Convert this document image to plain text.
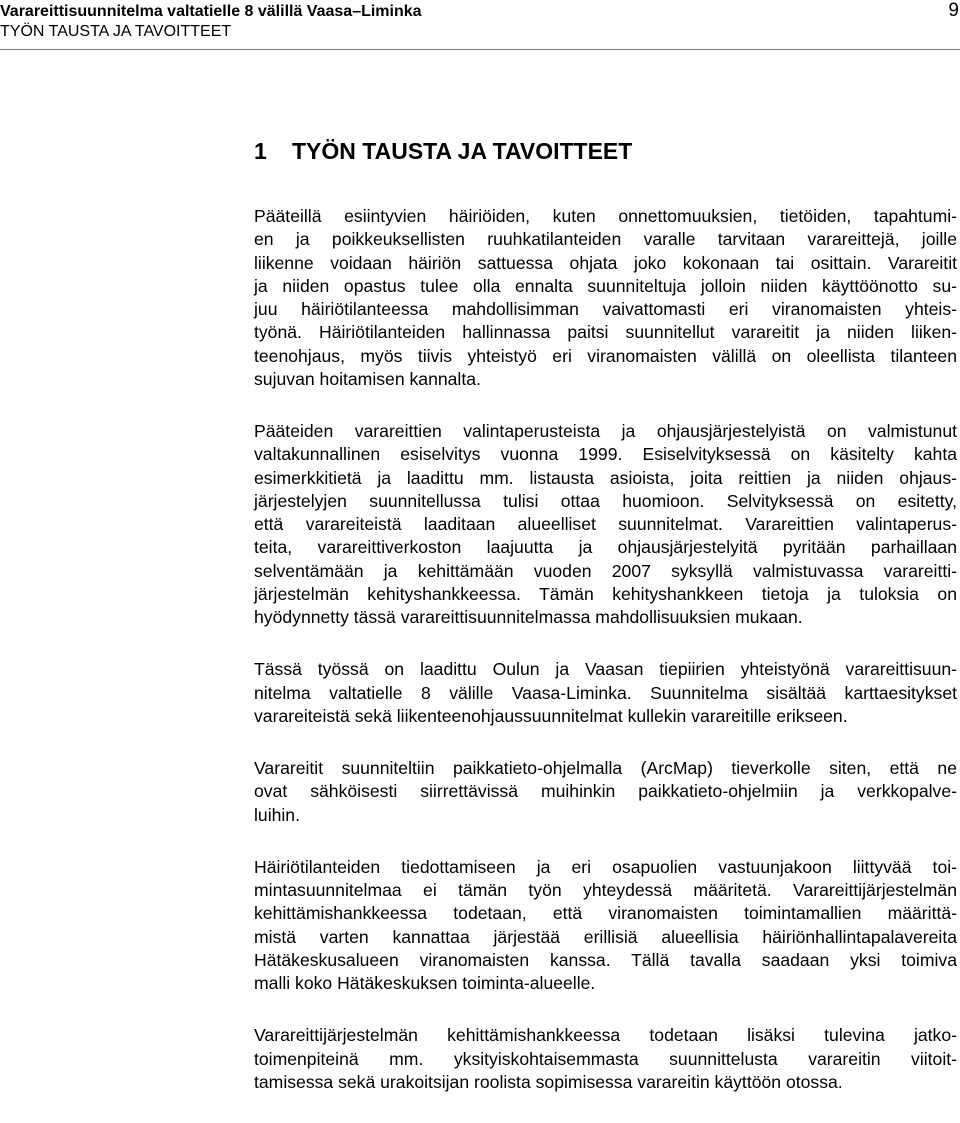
Varareittisuunnitelma valtatielle 8 välillä Vaasa–Liminka
TYÖN TAUSTA JA TAVOITTEET
9
1 TYÖN TAUSTA JA TAVOITTEET
Pääteillä esiintyvien häiriöiden, kuten onnettomuuksien, tietöiden, tapahtumi-
en ja poikkeuksellisten ruuhkatilanteiden varalle tarvitaan varareittejä, joille
liikenne voidaan häiriön sattuessa ohjata joko kokonaan tai osittain. Varareitit
ja niiden opastus tulee olla ennalta suunniteltuja jolloin niiden käyttöönotto su-
juu häiriötilanteessa mahdollisimman vaivattomasti eri viranomaisten yhteis-
työnä. Häiriötilanteiden hallinnassa paitsi suunnitellut varareitit ja niiden liiken-
teenohjaus, myös tiivis yhteistyö eri viranomaisten välillä on oleellista tilanteen
sujuvan hoitamisen kannalta.
Pääteiden varareittien valintaperusteista ja ohjausjärjestelyistä on valmistunut
valtakunnallinen esiselvitys vuonna 1999. Esiselvityksessä on käsitelty kahta
esimerkkitietä ja laadittu mm. listausta asioista, joita reittien ja niiden ohjaus-
järjestelyjen suunnitellussa tulisi ottaa huomioon. Selvityksessä on esitetty,
että varareiteistä laaditaan alueelliset suunnitelmat. Varareittien valintaperus-
teita, varareittiverkoston laajuutta ja ohjausjärjestelyitä pyritään parhaillaan
selventämään ja kehittämään vuoden 2007 syksyllä valmistuvassa varareitti-
järjestelmän kehityshankkeessa. Tämän kehityshankkeen tietoja ja tuloksia on
hyödynnetty tässä varareittisuunnitelmassa mahdollisuuksien mukaan.
Tässä työssä on laadittu Oulun ja Vaasan tiepiirien yhteistyönä varareittisuun-
nitelma valtatielle 8 välille Vaasa-Liminka. Suunnitelma sisältää karttaesitykset
varareiteistä sekä liikenteenohjaussuunnitelmat kullekin varareitille erikseen.
Varareitit suunniteltiin paikkatieto-ohjelmalla (ArcMap) tieverkolle siten, että ne
ovat sähköisesti siirrettävissä muihinkin paikkatieto-ohjelmiin ja verkkopalve-
luihin.
Häiriötilanteiden tiedottamiseen ja eri osapuolien vastuunjakoon liittyvää toi-
mintasuunnitelmaa ei tämän työn yhteydessä määritetä. Varareittijärjestelmän
kehittämishankkeessa todetaan, että viranomaisten toimintamallien määrittä-
mistä varten kannattaa järjestää erillisiä alueellisia häiriönhallintapalavereita
Hätäkeskusalueen viranomaisten kanssa. Tällä tavalla saadaan yksi toimiva
malli koko Hätäkeskuksen toiminta-alueelle.
Varareittijärjestelmän kehittämishankkeessa todetaan lisäksi tulevina jatko-
toimenpiteinä mm. yksityiskohtaisemmasta suunnittelusta varareitin viitoit-
tamisessa sekä urakoitsijan roolista sopimisessa varareitin käyttöön otossa.
